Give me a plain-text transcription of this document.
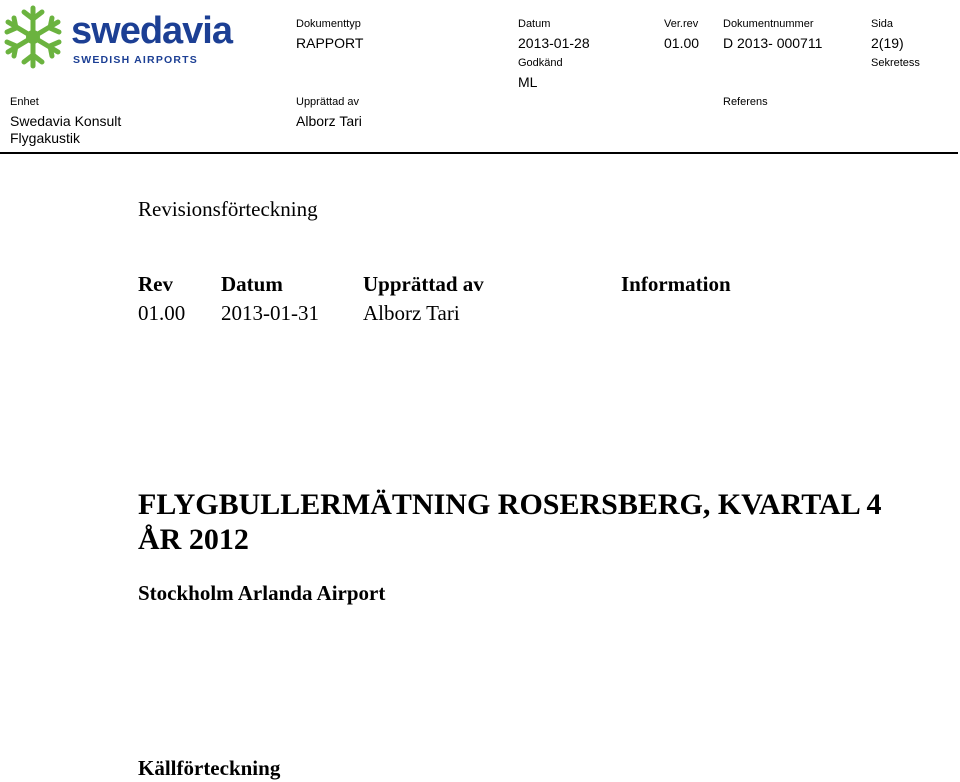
swedavia
SWEDISH AIRPORTS
Dokumenttyp
RAPPORT
Datum
2013-01-28
Ver.rev
01.00
Dokumentnummer
D 2013- 000711
Sida
2(19)
Godkänd
ML
Sekretess
Enhet
Swedavia Konsult
Flygakustik
Upprättad av
Alborz Tari
Referens
Revisionsförteckning
Rev Datum	Upprättad av	Information
01.00 2013-01-31 Alborz Tari
FLYGBULLERMÄTNING ROSERSBERG, KVARTAL 4 ÅR 2012
Stockholm Arlanda Airport
Källförteckning
